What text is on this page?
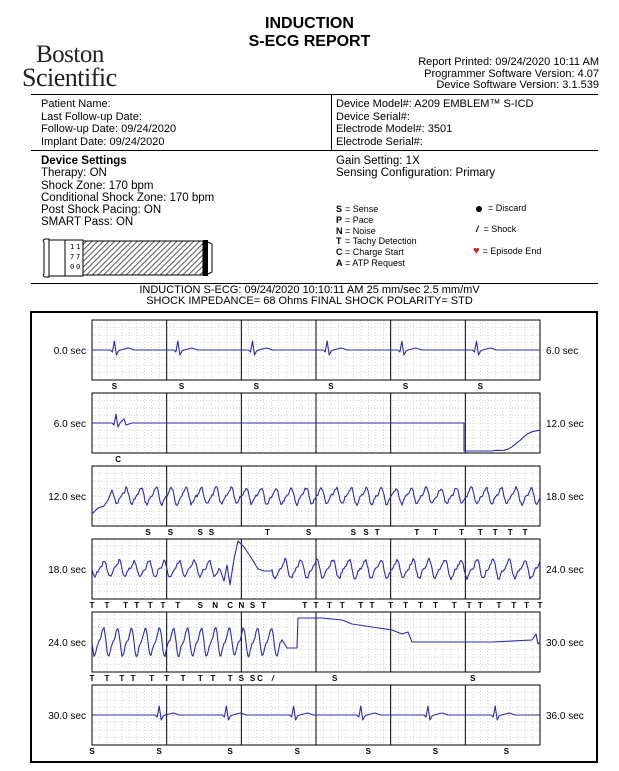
INDUCTION
S-ECG REPORT
Boston
Scientific
Report Printed: 09/24/2020 10:11 AM
Programmer Software Version: 4.07
Device Software Version: 3.1.539
Patient Name:
Last Follow-up Date:
Follow-up Date: 09/24/2020
Implant Date: 09/24/2020
Device Model#: A209 EMBLEM™ S-ICD
Device Serial#:
Electrode Model#: 3501
Electrode Serial#:
Device Settings
Therapy: ON
Shock Zone: 170 bpm
Conditional Shock Zone: 170 bpm
Post Shock Pacing: ON
SMART Pass: ON
Gain Setting: 1X
Sensing Configuration: Primary
S = Sense
P = Pace
N = Noise
T = Tachy Detection
C = Charge Start
A = ATP Request
= Discard
/ = Shock
♥ = Episode End
1
7
0
1
7
0
INDUCTION S-ECG: 09/24/2020 10:10:11 AM 25 mm/sec 2.5 mm/mV
SHOCK IMPEDANCE= 68 Ohms FINAL SHOCK POLARITY= STD
0.0 sec	6.0 sec
S	S	S	S	S	S
6.0 sec	12.0 sec
C
12.0 sec	18.0 sec
S S	S S	T	S	S S T	T T	T T T T T
18.0 sec	24.0 sec
T T T T T T T S N C N S T	T T T T T T T T T T T T T T T T T
24.0 sec	30.0 sec
T T T T T T T T T T S S C /	S	S
30.0 sec	36.0 sec
S	S	S	S	S	S	S
